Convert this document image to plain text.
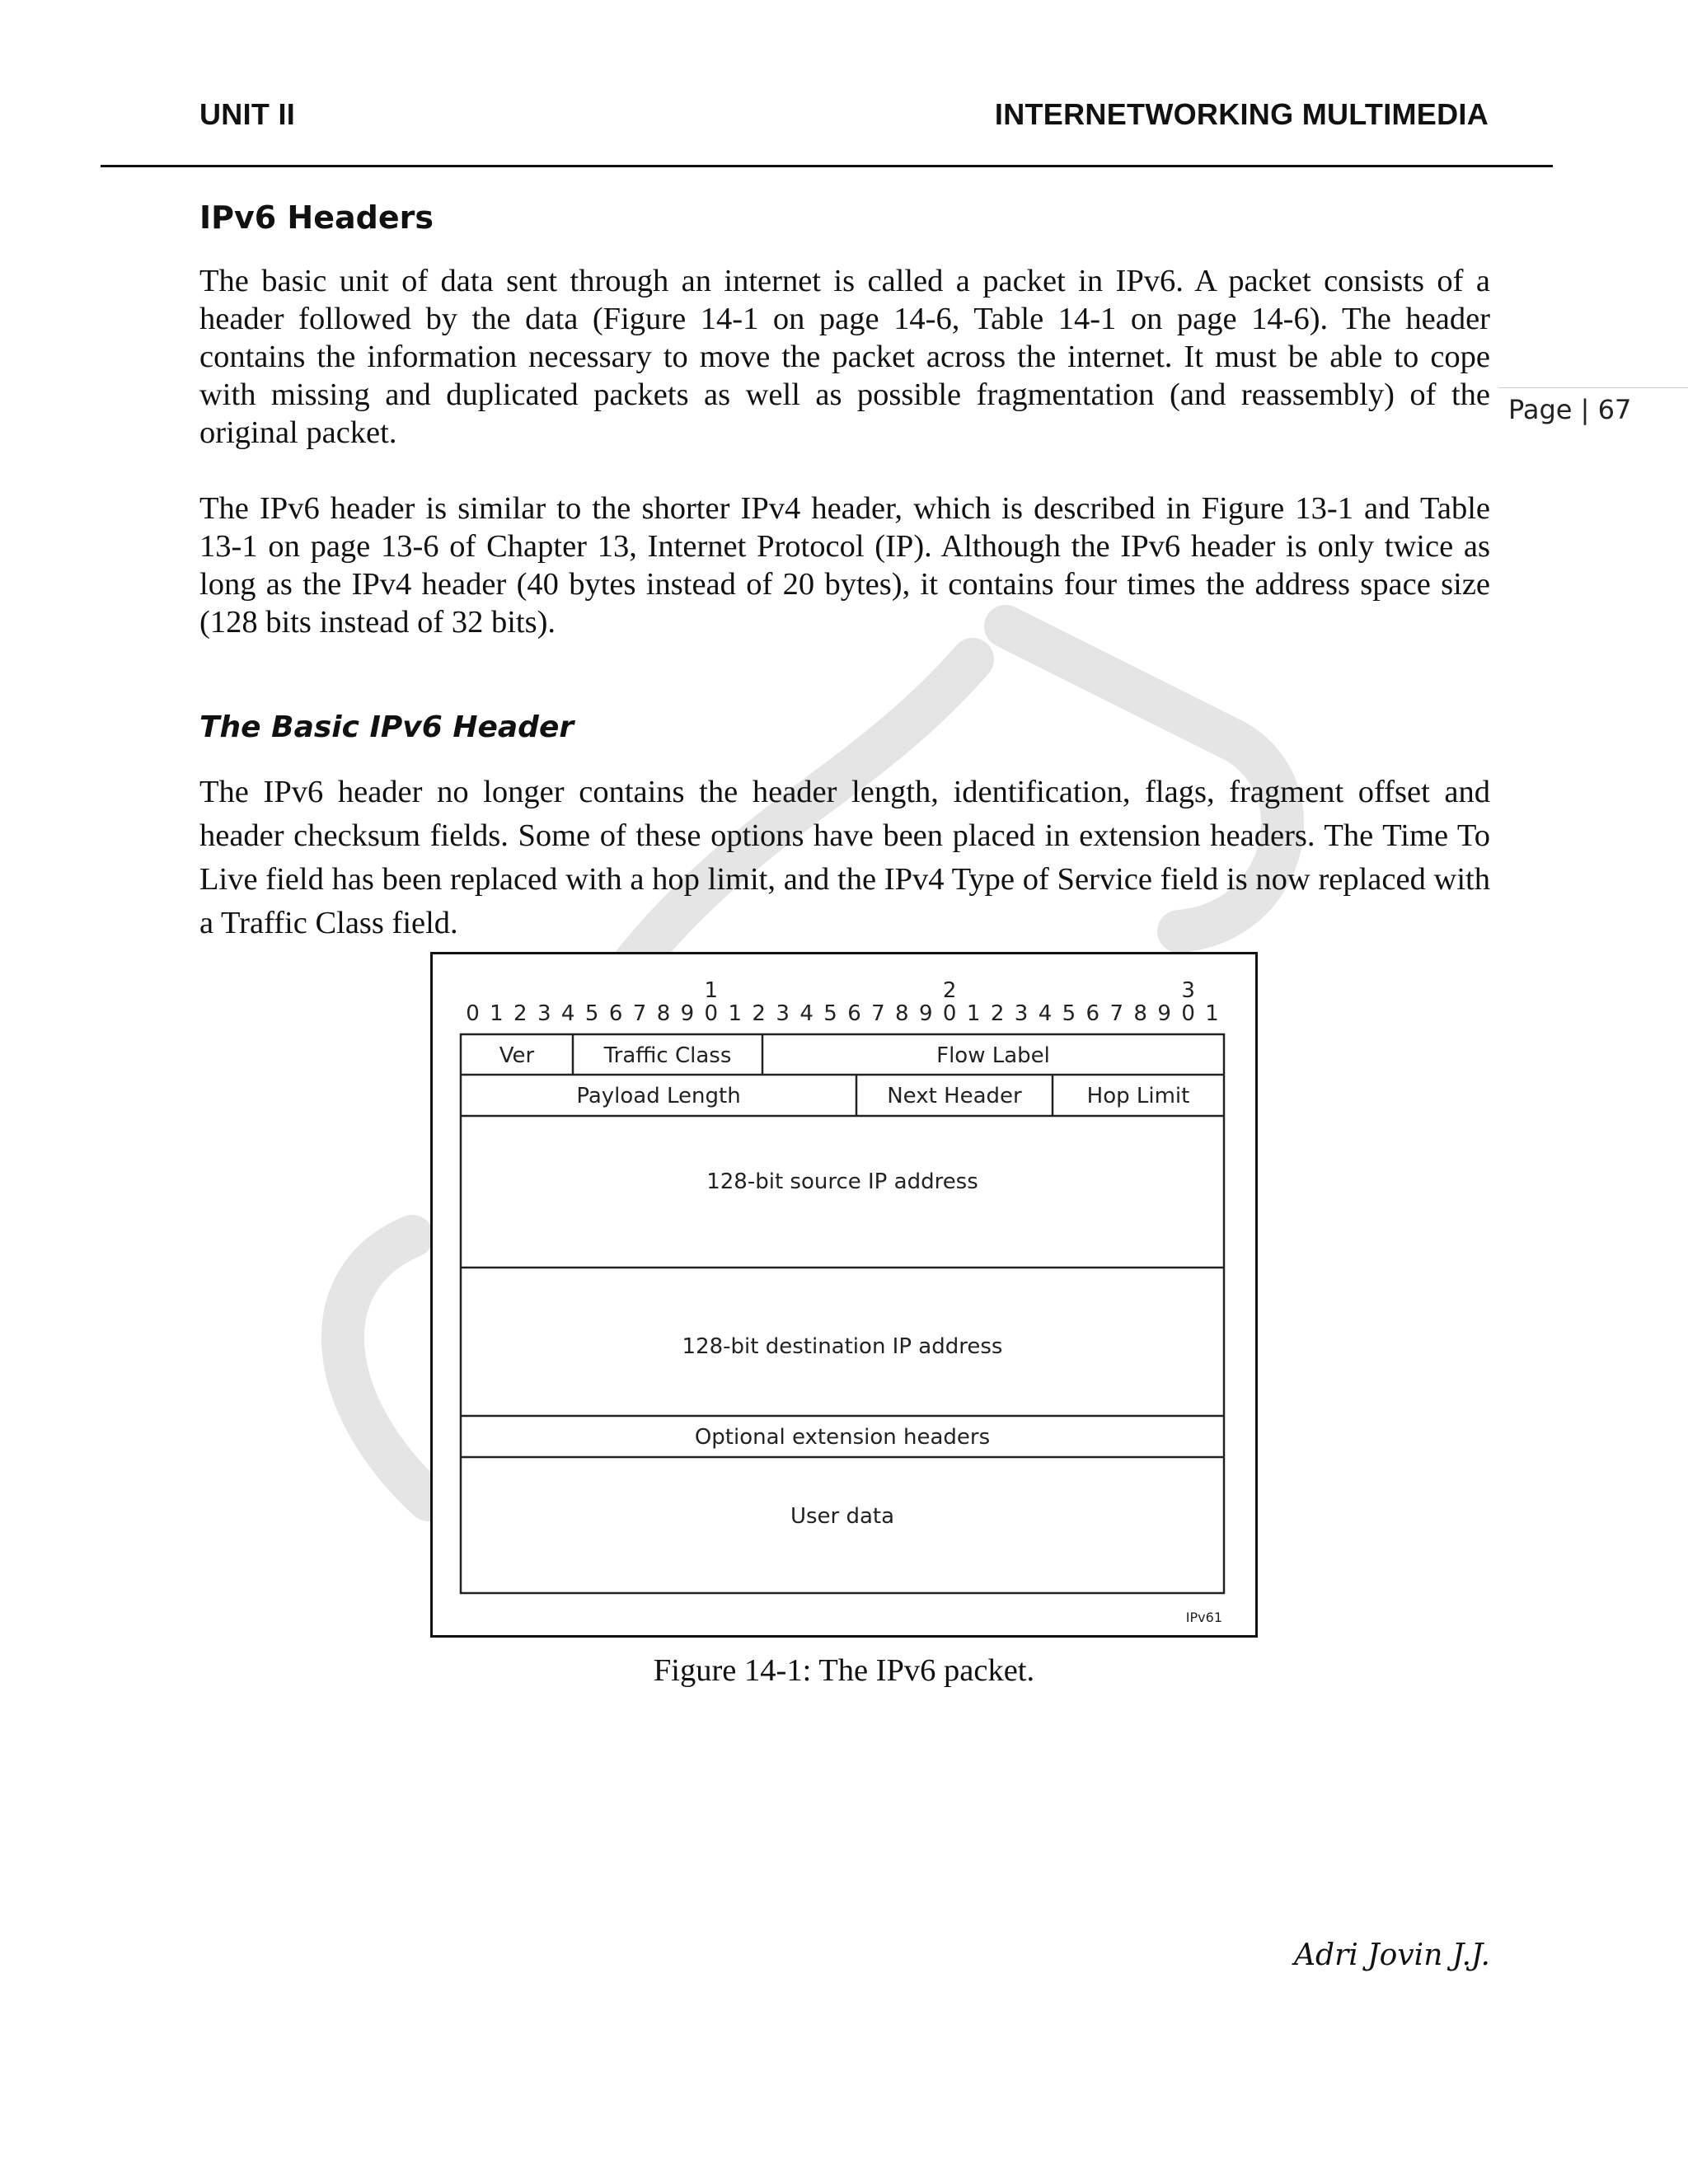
UNIT II	INTERNETWORKING MULTIMEDIA
Page | 67
IPv6 Headers

The basic unit of data sent through an internet is called a packet in IPv6. A packet consists of a header followed by the data (Figure 14-1 on page 14-6, Table 14-1 on page 14-6). The header contains the information necessary to move the packet across the internet. It must be able to cope with missing and duplicated packets as well as possible fragmentation (and reassembly) of the original packet.

The IPv6 header is similar to the shorter IPv4 header, which is described in Figure 13-1 and Table 13-1 on page 13-6 of Chapter 13, Internet Protocol (IP). Although the IPv6 header is only twice as long as the IPv4 header (40 bytes instead of 20 bytes), it contains four times the address space size (128 bits instead of 32 bits).

The Basic IPv6 Header

The IPv6 header no longer contains the header length, identification, flags, fragment offset and header checksum fields. Some of these options have been placed in extension headers. The Time To Live field has been replaced with a hop limit, and the IPv4 Type of Service field is now replaced with a Traffic Class field.

0 1 2 3 4 5 6 7 8 9 0 1 2 3 4 5 6 7 8 9 0 1 2 3 4 5 6 7 8 9 0 1
1	2	3
Ver	Traffic Class	Flow Label
Payload Length	Next Header	Hop Limit
128-bit source IP address
128-bit destination IP address
Optional extension headers
User data
IPv61
Figure 14-1: The IPv6 packet.
Adri Jovin J.J.
